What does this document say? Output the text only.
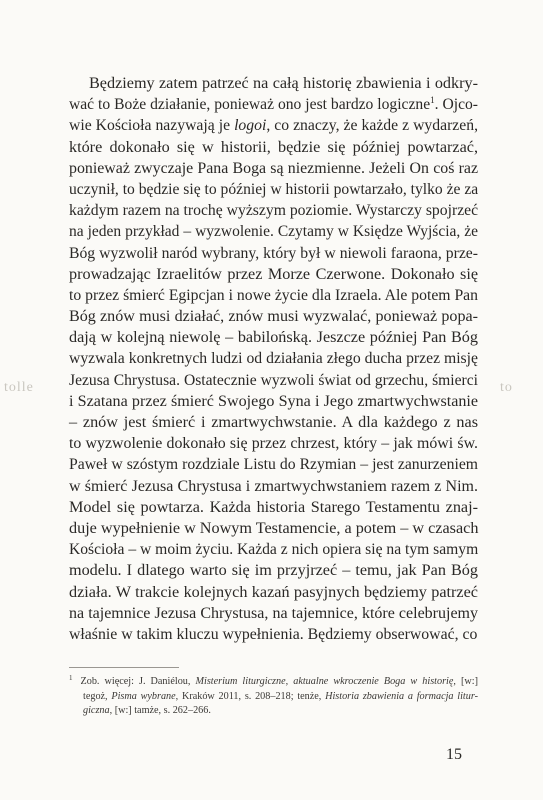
tolle	to
Będziemy zatem patrzeć na całą historię zbawienia i odkry-
wać to Boże działanie, ponieważ ono jest bardzo logiczne$^1$. Ojco-
wie Kościoła nazywają je logoi, co znaczy, że każde z wydarzeń,
które dokonało się w historii, będzie się później powtarzać,
ponieważ zwyczaje Pana Boga są niezmienne. Jeżeli On coś raz
uczynił, to będzie się to później w historii powtarzało, tylko że za
każdym razem na trochę wyższym poziomie. Wystarczy spojrzeć
na jeden przykład – wyzwolenie. Czytamy w Księdze Wyjścia, że
Bóg wyzwolił naród wybrany, który był w niewoli faraona, prze-
prowadzając Izraelitów przez Morze Czerwone. Dokonało się
to przez śmierć Egipcjan i nowe życie dla Izraela. Ale potem Pan
Bóg znów musi działać, znów musi wyzwalać, ponieważ popa-
dają w kolejną niewolę – babilońską. Jeszcze później Pan Bóg
wyzwala konkretnych ludzi od działania złego ducha przez misję
Jezusa Chrystusa. Ostatecznie wyzwoli świat od grzechu, śmierci
i Szatana przez śmierć Swojego Syna i Jego zmartwychwstanie
– znów jest śmierć i zmartwychwstanie. A dla każdego z nas
to wyzwolenie dokonało się przez chrzest, który – jak mówi św.
Paweł w szóstym rozdziale Listu do Rzymian – jest zanurzeniem
w śmierć Jezusa Chrystusa i zmartwychwstaniem razem z Nim.
Model się powtarza. Każda historia Starego Testamentu znaj-
duje wypełnienie w Nowym Testamencie, a potem – w czasach
Kościoła – w moim życiu. Każda z nich opiera się na tym samym
modelu. I dlatego warto się im przyjrzeć – temu, jak Pan Bóg
działa. W trakcie kolejnych kazań pasyjnych będziemy patrzeć
na tajemnice Jezusa Chrystusa, na tajemnice, które celebrujemy
właśnie w takim kluczu wypełnienia. Będziemy obserwować, co
$^1$ Zob. więcej: J. Daniélou, Misterium liturgiczne, aktualne wkroczenie Boga w historię, [w:]
tegoż, Pisma wybrane, Kraków 2011, s. 208–218; tenże, Historia zbawienia a formacja litur-
giczna, [w:] tamże, s. 262–266.
15
